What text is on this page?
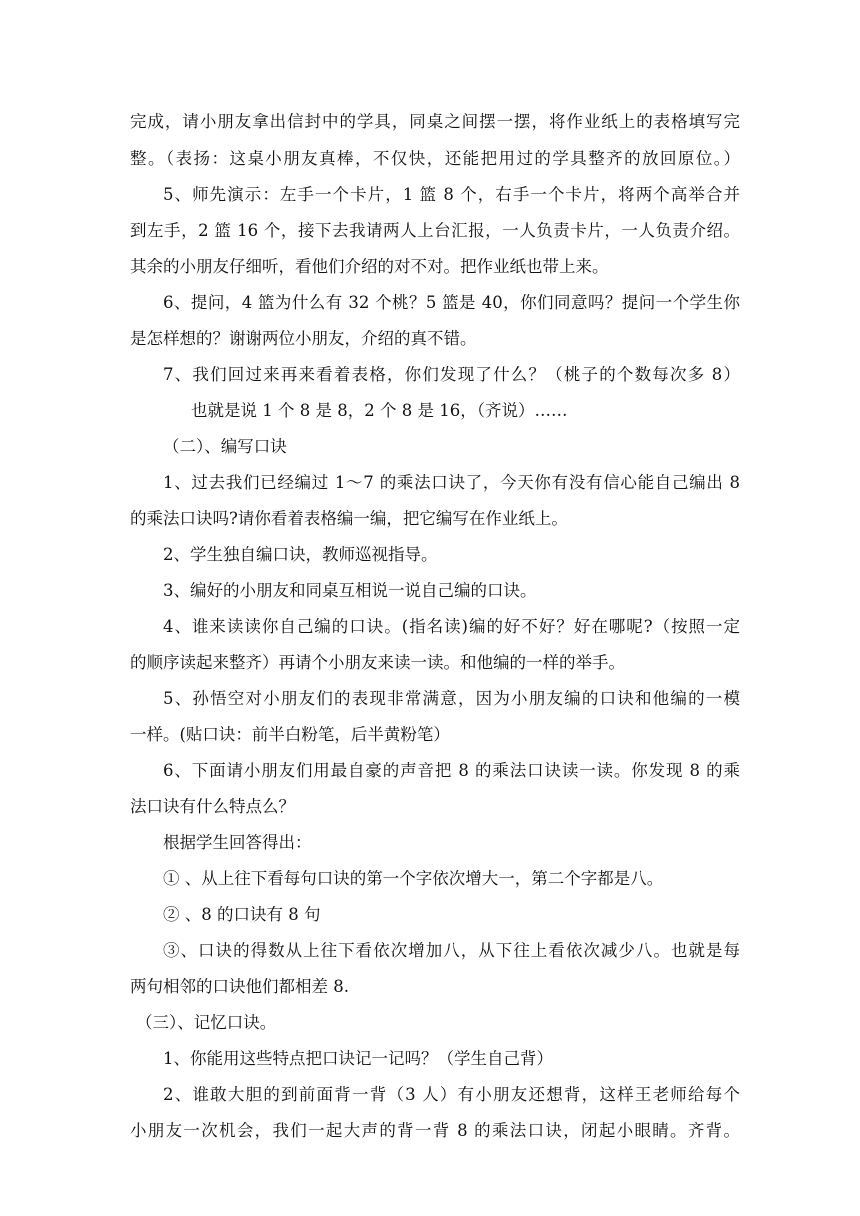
完成，请小朋友拿出信封中的学具，同桌之间摆一摆，将作业纸上的表格填写完
整。（表扬：这桌小朋友真棒，不仅快，还能把用过的学具整齐的放回原位。）
5、师先演示：左手一个卡片，1 篮 8 个，右手一个卡片，将两个高举合并
到左手，2 篮 16 个，接下去我请两人上台汇报，一人负责卡片，一人负责介绍。
其余的小朋友仔细听，看他们介绍的对不对。把作业纸也带上来。
6、提问，4 篮为什么有 32 个桃？5 篮是 40，你们同意吗？提问一个学生你
是怎样想的？谢谢两位小朋友，介绍的真不错。
7、我们回过来再来看着表格，你们发现了什么？（桃子的个数每次多 8）
也就是说 1 个 8 是 8，2 个 8 是 16，（齐说）……
（二）、编写口诀
1、过去我们已经编过 1～7 的乘法口诀了，今天你有没有信心能自己编出 8
的乘法口诀吗?请你看着表格编一编，把它编写在作业纸上。
2、学生独自编口诀，教师巡视指导。
3、编好的小朋友和同桌互相说一说自己编的口诀。
4、谁来读读你自己编的口诀。(指名读)编的好不好？好在哪呢?（按照一定
的顺序读起来整齐）再请个小朋友来读一读。和他编的一样的举手。
5、孙悟空对小朋友们的表现非常满意，因为小朋友编的口诀和他编的一模
一样。(贴口诀：前半白粉笔，后半黄粉笔）
6、下面请小朋友们用最自豪的声音把 8 的乘法口诀读一读。你发现 8 的乘
法口诀有什么特点么？
根据学生回答得出：
① 、从上往下看每句口诀的第一个字依次增大一，第二个字都是八。
② 、8 的口诀有 8 句
③、口诀的得数从上往下看依次增加八，从下往上看依次减少八。也就是每
两句相邻的口诀他们都相差 8.
（三）、记忆口诀。
1、你能用这些特点把口诀记一记吗？（学生自己背）
2、谁敢大胆的到前面背一背（3 人）有小朋友还想背，这样王老师给每个
小朋友一次机会，我们一起大声的背一背 8 的乘法口诀，闭起小眼睛。齐背。
